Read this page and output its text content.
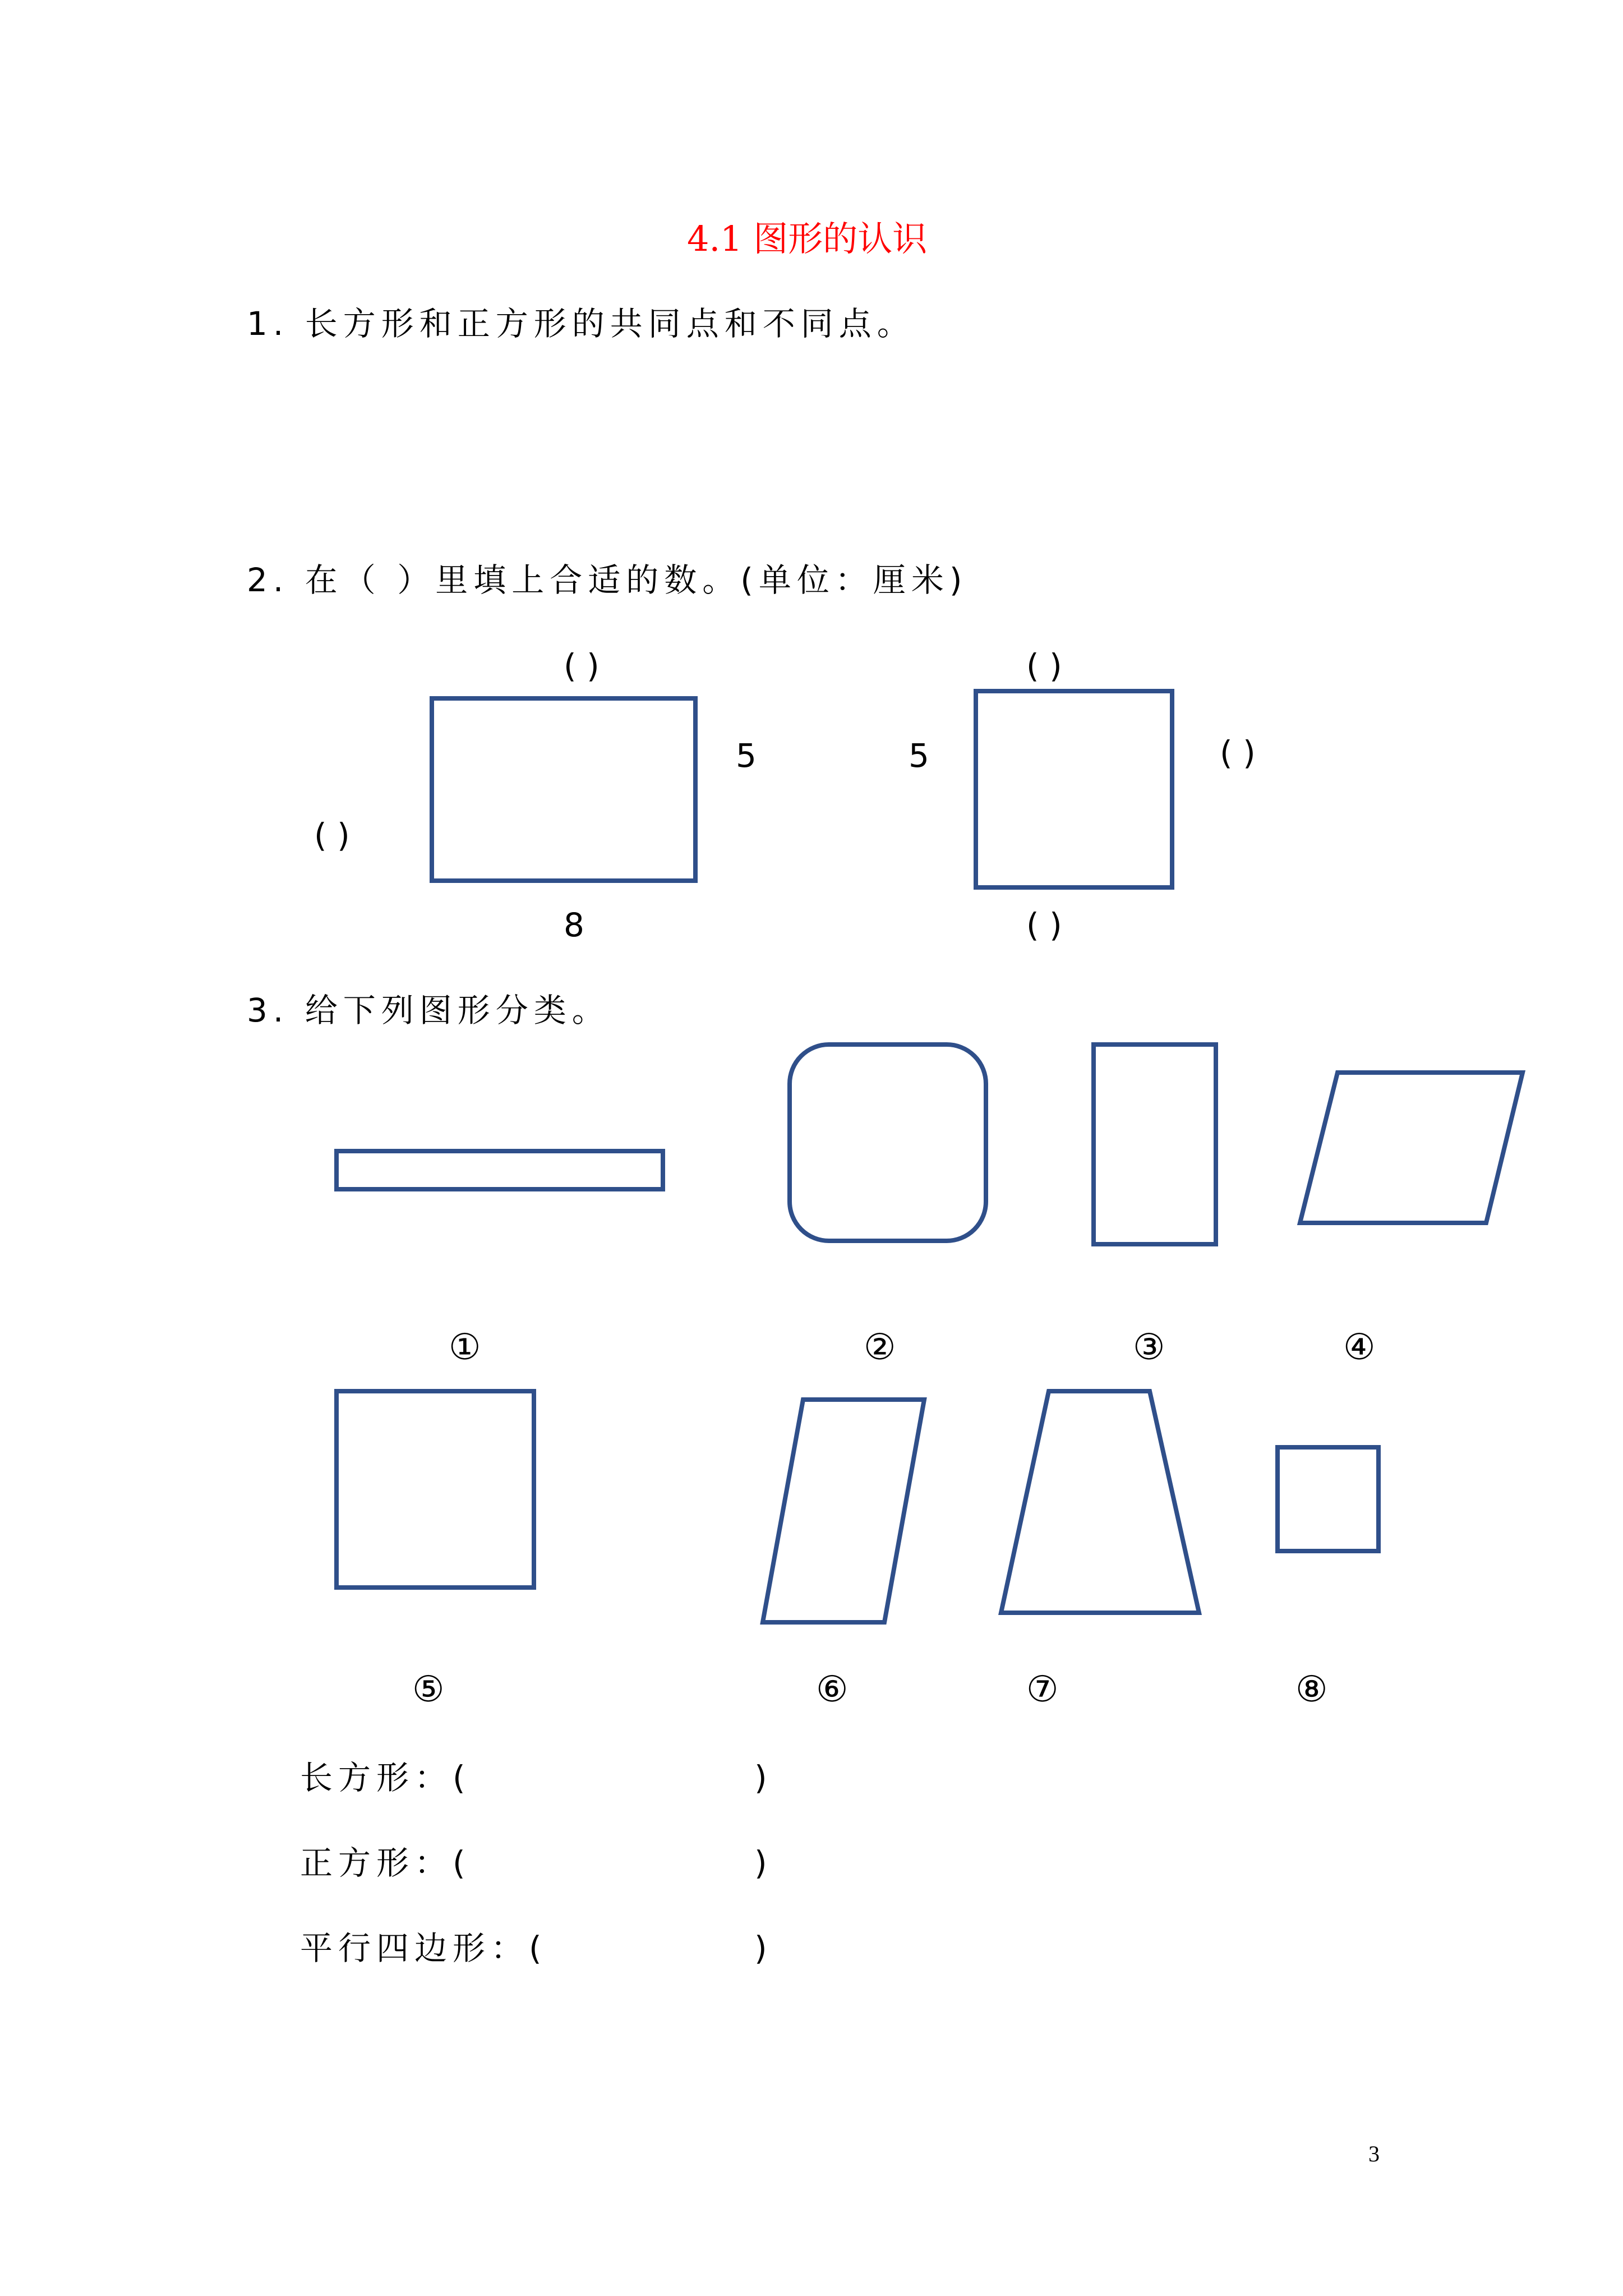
4.1 图形的认识
1. 长方形和正方形的共同点和不同点。
2. 在（ ）里填上合适的数。(单位：厘米)
( )
( )
5
8
( )
5	( )
( )
3. 给下列图形分类。
①	②	③	④
⑤	⑥	⑦	⑧
长方形：(	)
正方形：(	)
平行四边形：(	)
3
